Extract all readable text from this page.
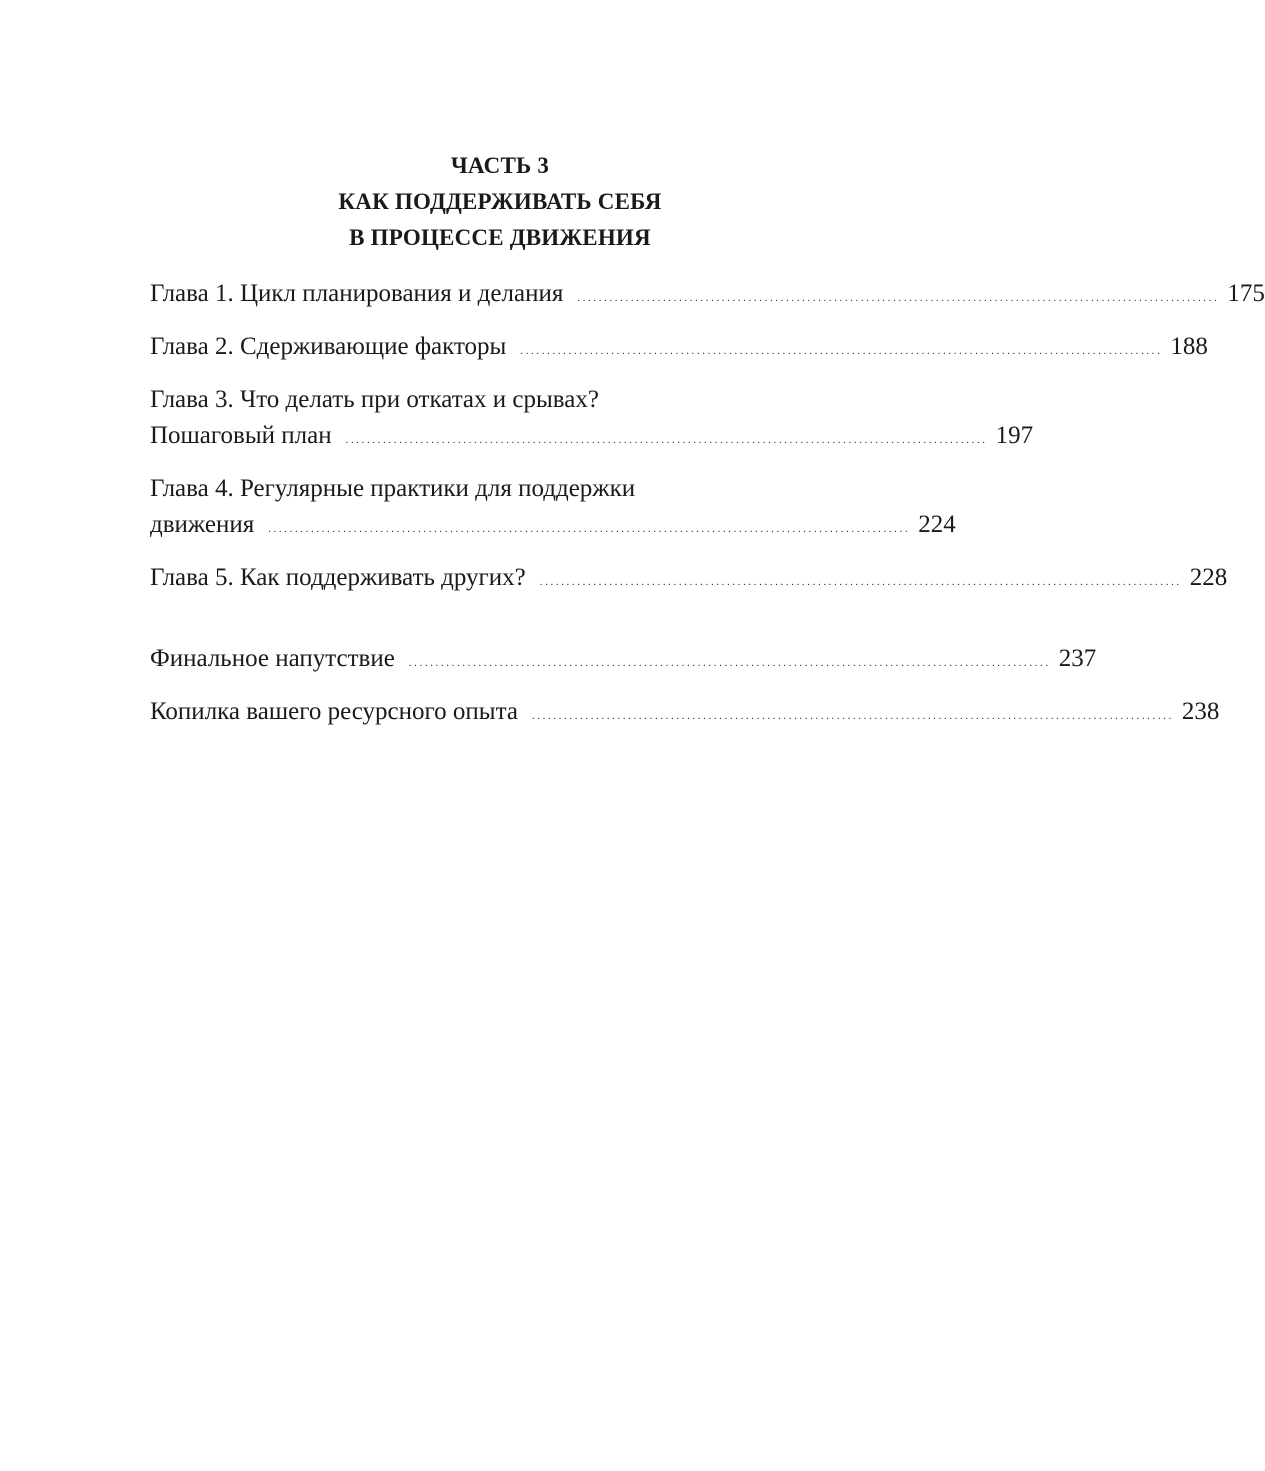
ЧАСТЬ 3
КАК ПОДДЕРЖИВАТЬ СЕБЯ
В ПРОЦЕССЕ ДВИЖЕНИЯ
Глава 1. Цикл планирования и делания ........................................................................................................................ 175
Глава 2. Сдерживающие факторы ........................................................................................................................ 188
Глава 3. Что делать при откатах и срывах?
Пошаговый план ........................................................................................................................ 197
Глава 4. Регулярные практики для поддержки
движения ........................................................................................................................ 224
Глава 5. Как поддерживать других? ........................................................................................................................ 228
Финальное напутствие ........................................................................................................................ 237
Копилка вашего ресурсного опыта ........................................................................................................................ 238
